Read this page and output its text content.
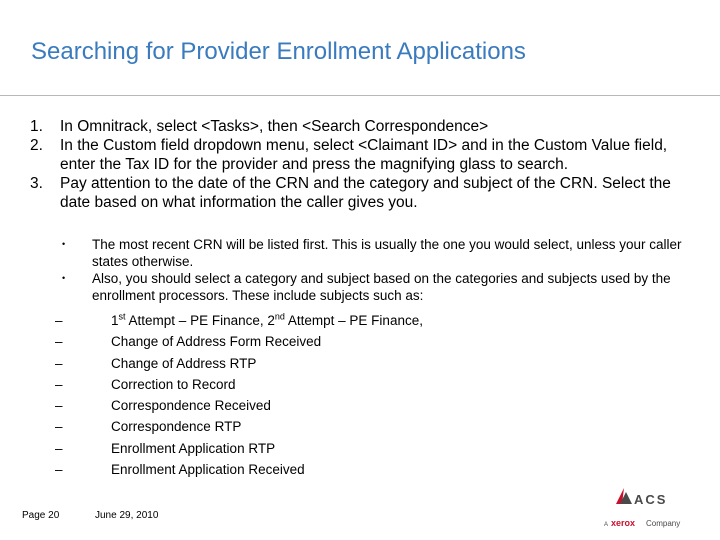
Searching for Provider Enrollment Applications
1. In Omnitrack, select <Tasks>, then <Search Correspondence>
2. In the Custom field dropdown menu, select <Claimant ID> and in the Custom Value field, enter the Tax ID for the provider and press the magnifying glass to search.
3. Pay attention to the date of the CRN and the category and subject of the CRN. Select the date based on what information the caller gives you.
• The most recent CRN will be listed first. This is usually the one you would select, unless your caller states otherwise.
• Also, you should select a category and subject based on the categories and subjects used by the enrollment processors. These include subjects such as:
–	1st Attempt – PE Finance, 2nd Attempt – PE Finance,
–	Change of Address Form Received
–	Change of Address RTP
–	Correction to Record
–	Correspondence Received
–	Correspondence RTP
–	Enrollment Application RTP
–	Enrollment Application Received
Page 20	June 29, 2010
ACS
A xerox Company
